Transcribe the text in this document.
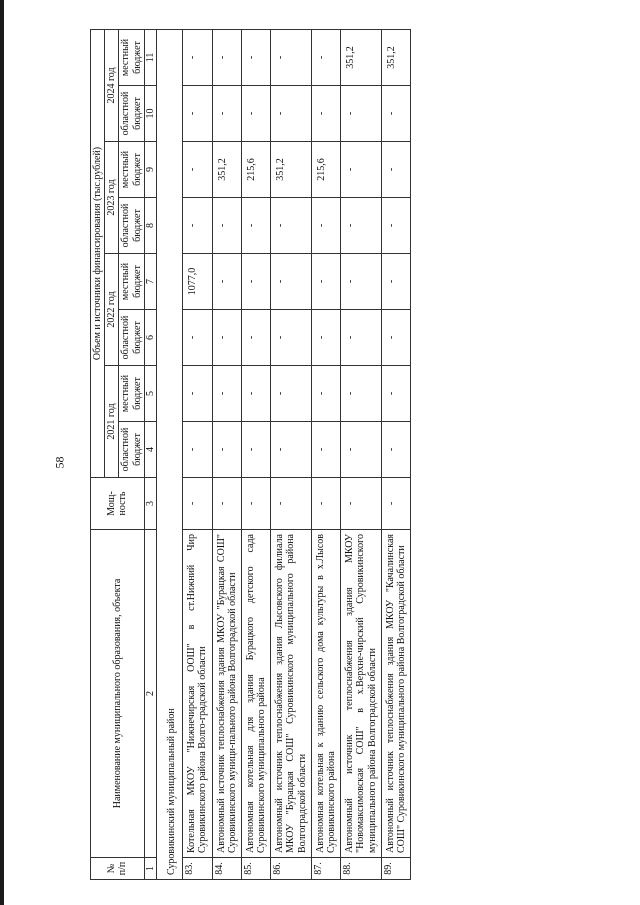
58
№ п/п	Наименование муниципального образования, объекта	Мощ-ность	Объем и источники финансирования (тыс.рублей)							
			2021 год		2022 год		2023 год		2024 год	
			областной бюджет	местный бюджет	областной бюджет	местный бюджет	областной бюджет	местный бюджет	областной бюджет	местный бюджет
1	2	3	4	5	6	7	8	9	10	11
Суровикинский муниципальный район										
83.	Котельная МКОУ "Нижнечирская ООШ" в ст.Нижний Чир Суровикинского района Волго-градской области	-	-	-	-	1077,0	-	-	-	-
84.	Автономный источник теплоснабжения здания МКОУ "Бурацкая СОШ" Суровикинского муници-пального района Волгоградской области	-	-	-	-	-	-	351,2	-	-
85.	Автономная котельная для здания Бурацкого детского сада Суровикинского муниципального района	-	-	-	-	-	-	215,6	-	-
86.	Автономный источник теплоснабжения здания Лысовского филиала МКОУ "Бурацкая СОШ" Суровикинского муниципального района Волгоградской области	-	-	-	-	-	-	351,2	-	-
87.	Автономная котельная к зданию сельского дома культуры в х.Лысов Суровикинского района	-	-	-	-	-	-	215,6	-	-
88.	Автономный источник теплоснабжения здания МКОУ "Новомаксимовская СОШ" в х.Верхне-чирский Суровикинского муниципального района Волгоградской области	-	-	-	-	-	-	-	-	351,2
89.	Автономный источник теплоснабжения здания МКОУ "Качалинская СОШ" Суровикинского муниципального района Волгоградской области	-	-	-	-	-	-	-	-	351,2
